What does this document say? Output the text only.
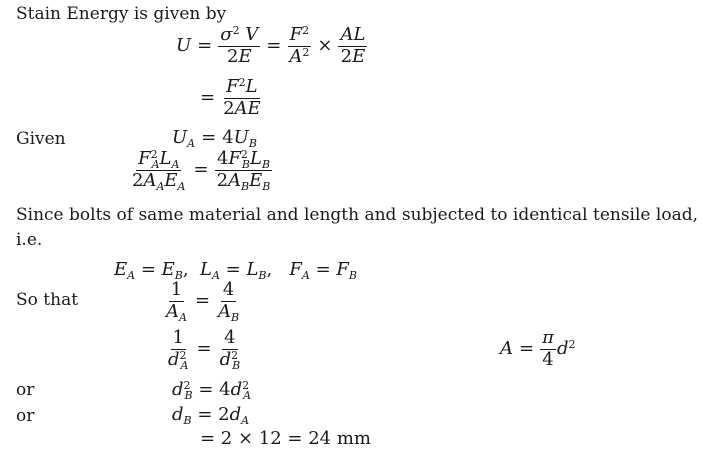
Stain Energy is given by
$U = \frac{\sigma^2 V}{2E} = \frac{F^2}{A^2} \times \frac{AL}{2E}$
= $\frac{F^2L}{2AE}$
Given	$U_A = 4U_B$
$\frac{F^2_AL_A}{2A_AE_A} = \frac{4F^2_BL_B}{2A_BE_B}$
Since bolts of same material and length and subjected to identical tensile load,
i.e.
$E_A = E_B$,  $L_A = L_B$,   $F_A = F_B$
So that	$\frac{1}{A_A} = \frac{4}{A_B}$
$\frac{1}{d^2_A} = \frac{4}{d^2_B}$	$A = \frac{\pi}{4} d^2$
or	$d^2_B = 4d^2_A$
or	$d_B = 2d_A$
= 2 × 12 = 24 mm
